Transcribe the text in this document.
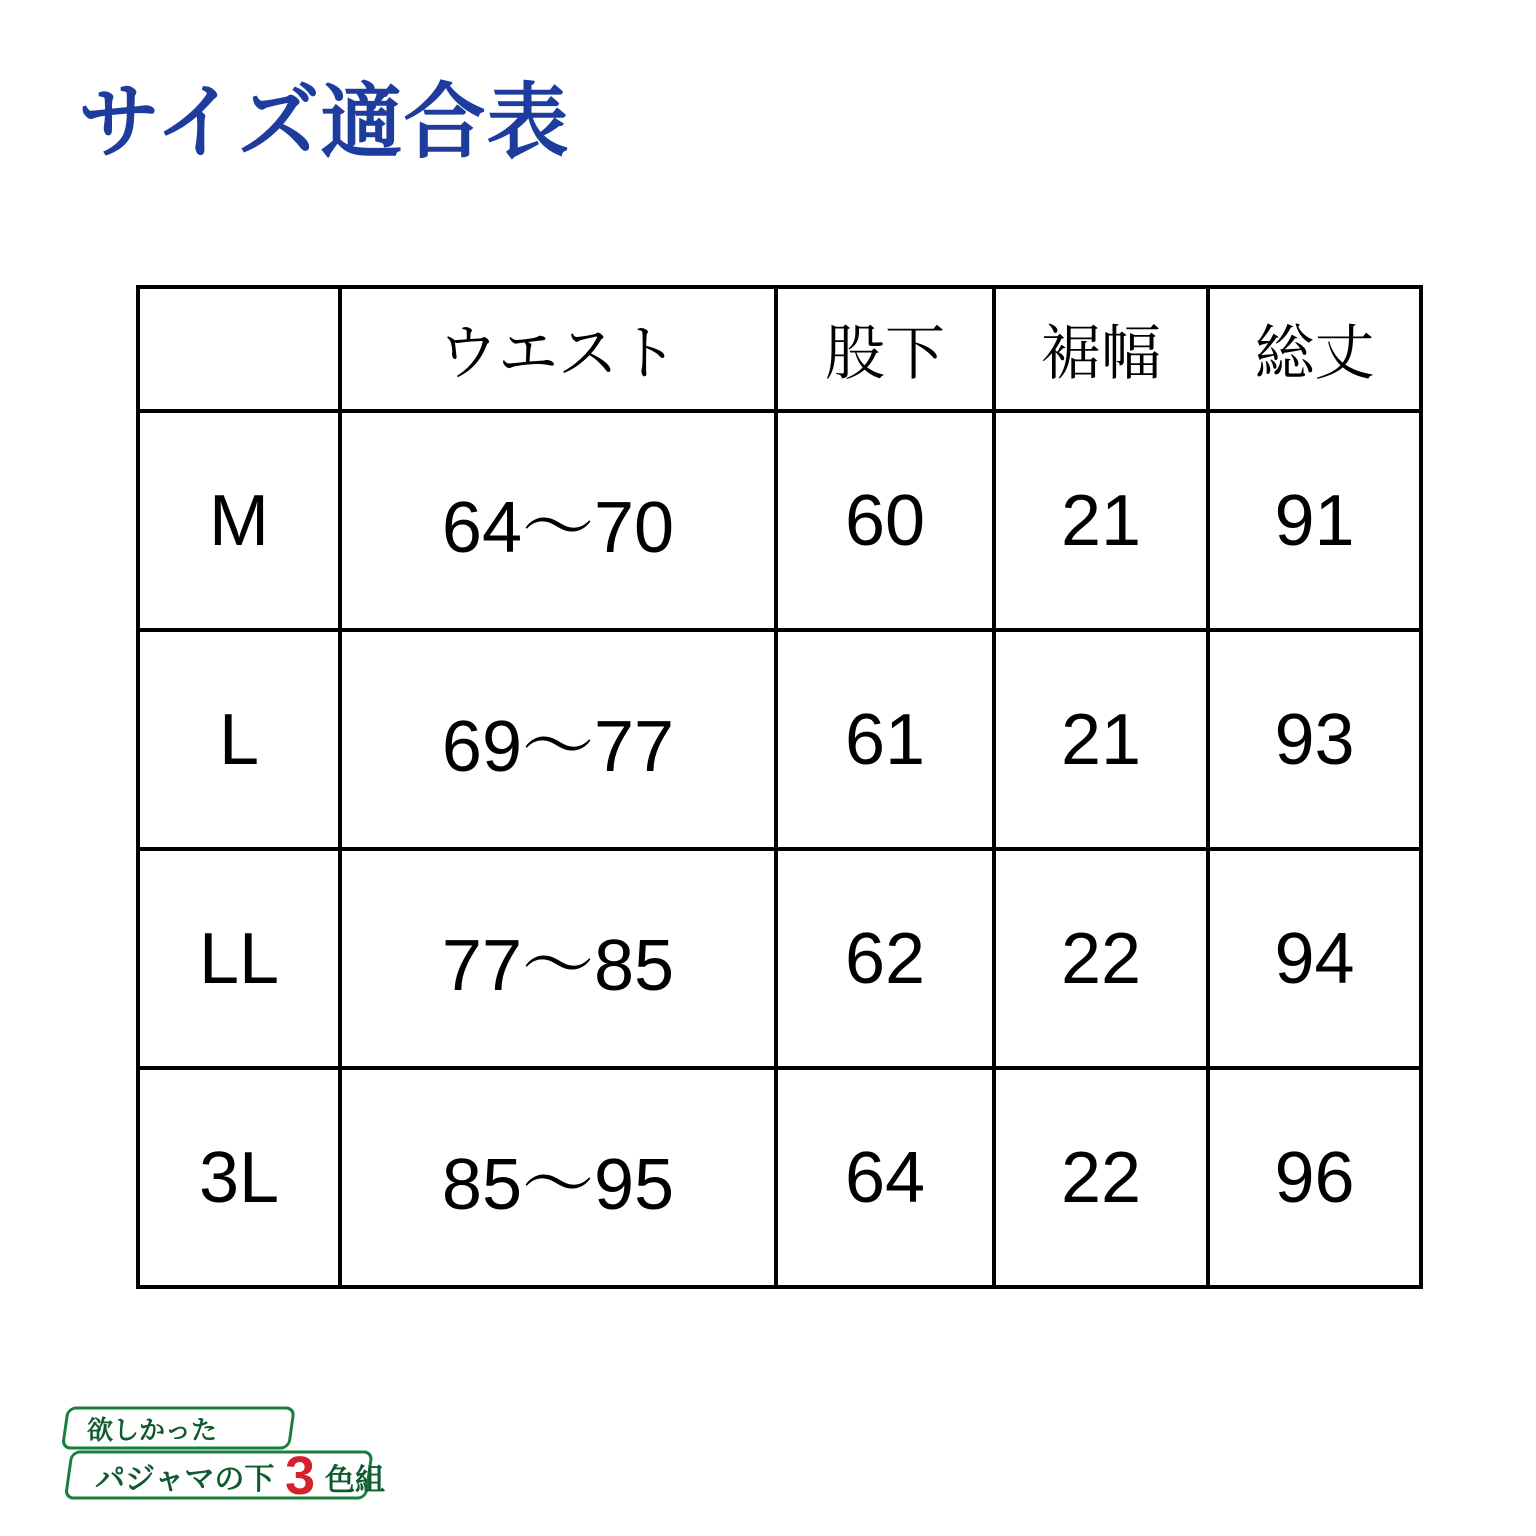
サイズ適合表
	ウエスト	股下	裾幅	総丈
M	64〜70	60	21	91
L	69〜77	61	21	93
LL	77〜85	62	22	94
3L	85〜95	64	22	96
欲しかった
パジャマの下 3 色組
